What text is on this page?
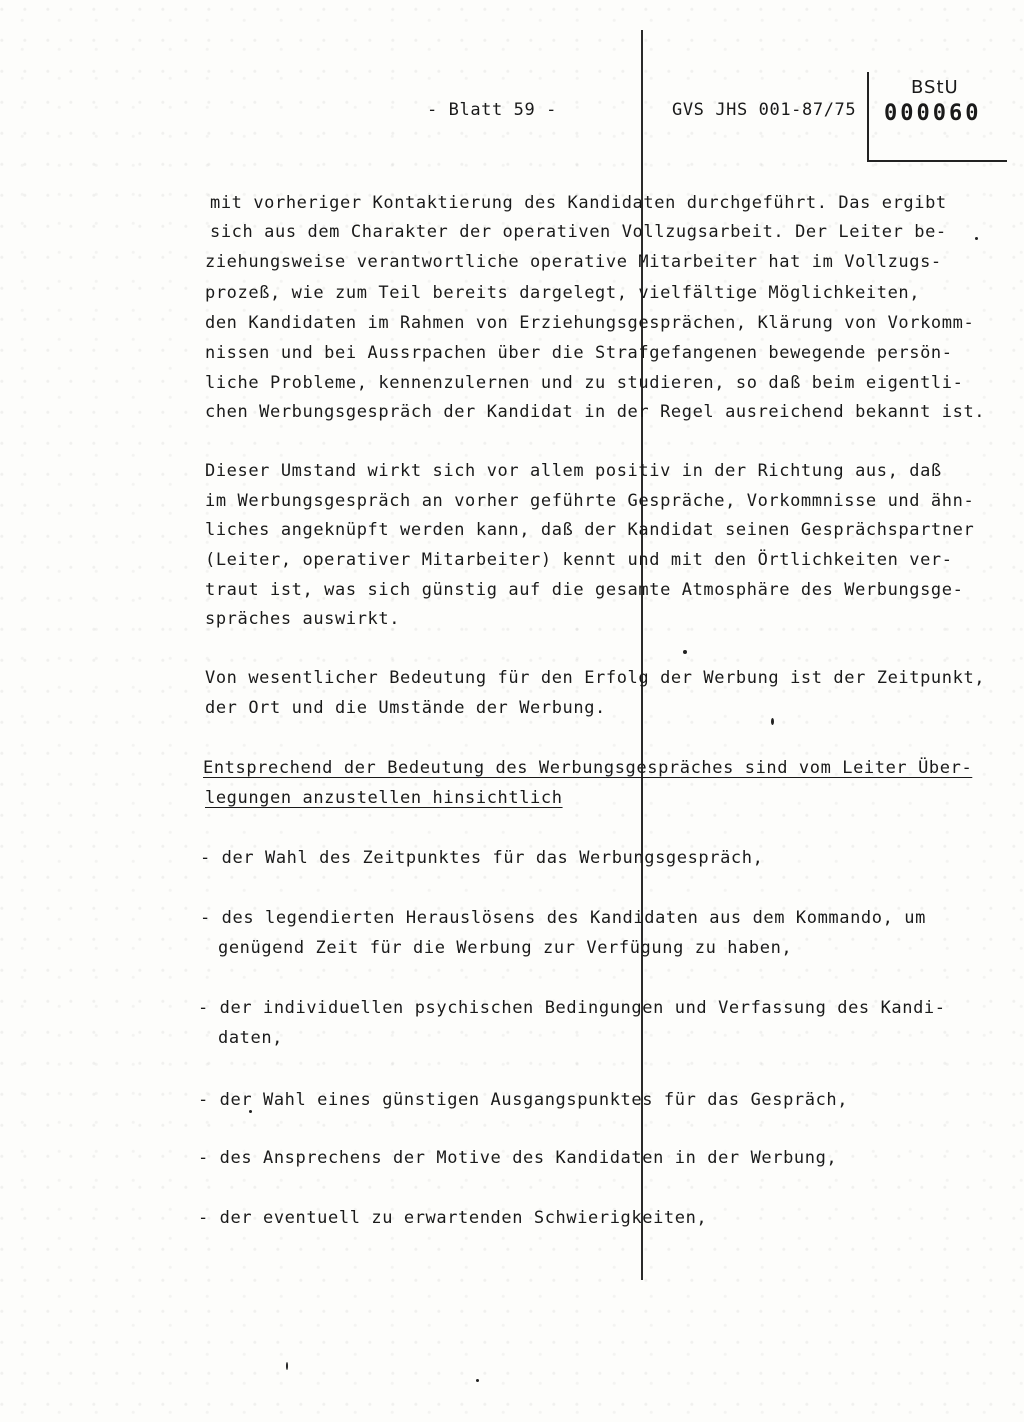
- Blatt 59 -	GVS JHS 001-87/75
BStU
000060
mit vorheriger Kontaktierung des Kandidaten durchgeführt. Das ergibt
sich aus dem Charakter der operativen Vollzugsarbeit. Der Leiter be-
ziehungsweise verantwortliche operative Mitarbeiter hat im Vollzugs-
prozeß, wie zum Teil bereits dargelegt, vielfältige Möglichkeiten,
den Kandidaten im Rahmen von Erziehungsgesprächen, Klärung von Vorkomm-
nissen und bei Aussrpachen über die Strafgefangenen bewegende persön-
liche Probleme, kennenzulernen und zu studieren, so daß beim eigentli-
chen Werbungsgespräch der Kandidat in der Regel ausreichend bekannt ist.
Dieser Umstand wirkt sich vor allem positiv in der Richtung aus, daß
im Werbungsgespräch an vorher geführte Gespräche, Vorkommnisse und ähn-
liches angeknüpft werden kann, daß der Kandidat seinen Gesprächspartner
(Leiter, operativer Mitarbeiter) kennt und mit den Örtlichkeiten ver-
traut ist, was sich günstig auf die gesamte Atmosphäre des Werbungsge-
spräches auswirkt.
Von wesentlicher Bedeutung für den Erfolg der Werbung ist der Zeitpunkt,
der Ort und die Umstände der Werbung.
Entsprechend der Bedeutung des Werbungsgespräches sind vom Leiter Über-
legungen anzustellen hinsichtlich
- der Wahl des Zeitpunktes für das Werbungsgespräch,
- des legendierten Herauslösens des Kandidaten aus dem Kommando, um
genügend Zeit für die Werbung zur Verfügung zu haben,
- der individuellen psychischen Bedingungen und Verfassung des Kandi-
daten,
- der Wahl eines günstigen Ausgangspunktes für das Gespräch,
- des Ansprechens der Motive des Kandidaten in der Werbung,
- der eventuell zu erwartenden Schwierigkeiten,
